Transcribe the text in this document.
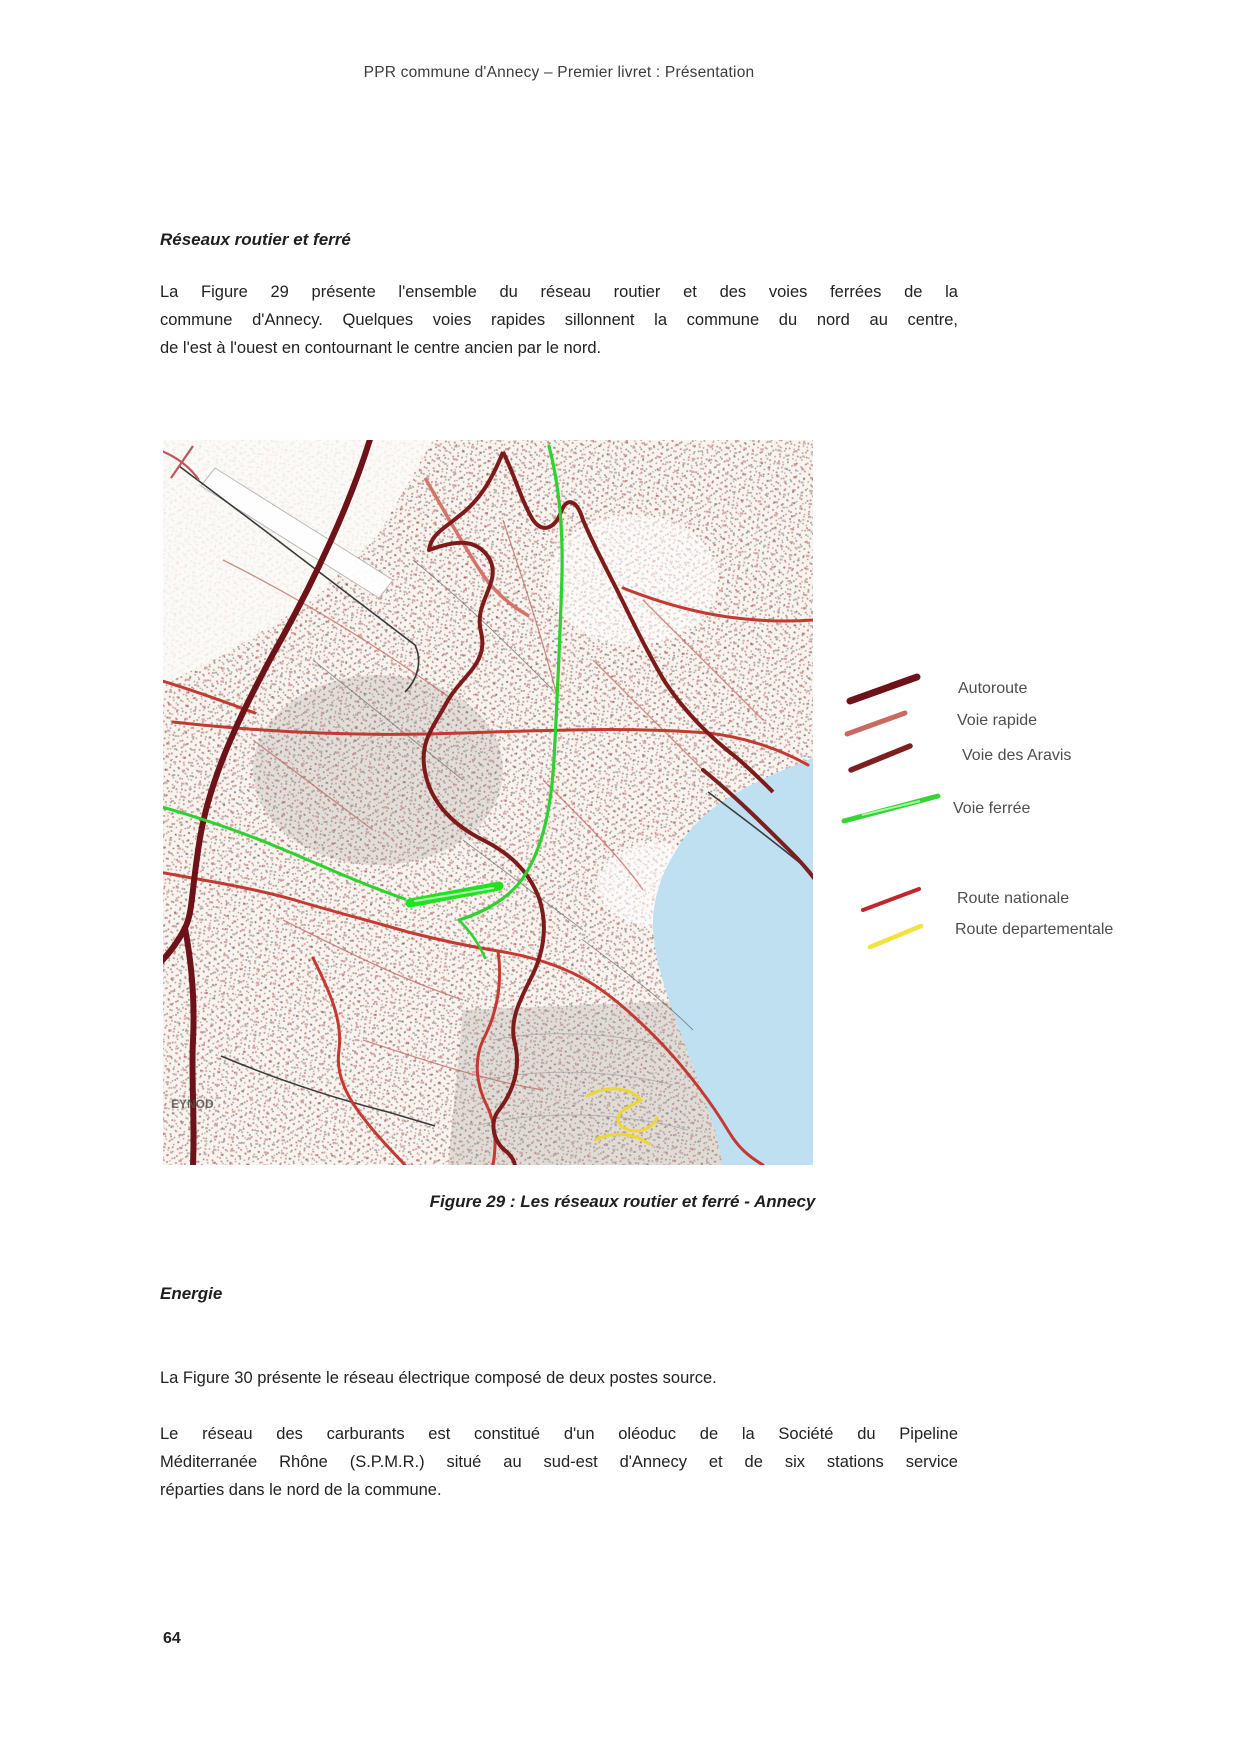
PPR commune d'Annecy – Premier livret : Présentation
Réseaux routier et ferré
La Figure 29 présente l'ensemble du réseau routier et des voies ferrées de la
commune d'Annecy. Quelques voies rapides sillonnent la commune du nord au centre,
de l'est à l'ouest en contournant le centre ancien par le nord.
EYNOD
Autoroute
Voie rapide
Voie des Aravis
Voie ferrée
Route nationale
Route departementale
Figure 29 : Les réseaux routier et ferré - Annecy
Energie

La Figure 30 présente le réseau électrique composé de deux postes source.

Le réseau des carburants est constitué d'un oléoduc de la Société du Pipeline
Méditerranée Rhône (S.P.M.R.) situé au sud-est d'Annecy et de six stations service
réparties dans le nord de la commune.
64
